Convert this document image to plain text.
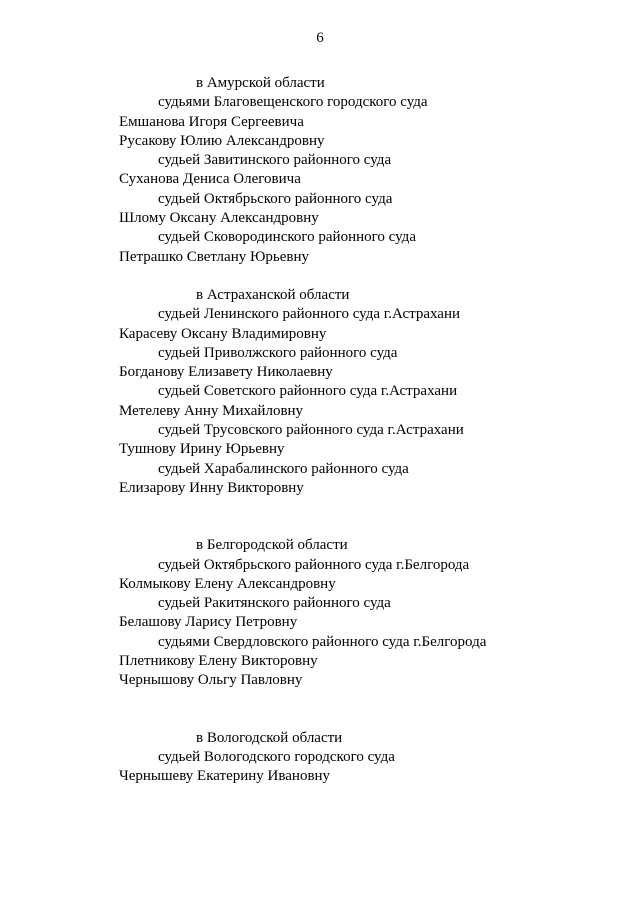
6
в Амурской области
судьями Благовещенского городского суда
Емшанова Игоря Сергеевича
Русакову Юлию Александровну
судьей Завитинского районного суда
Суханова Дениса Олеговича
судьей Октябрьского районного суда
Шлому Оксану Александровну
судьей Сковородинского районного суда
Петрашко Светлану Юрьевну
в Астраханской области
судьей Ленинского районного суда г.Астрахани
Карасеву Оксану Владимировну
судьей Приволжского районного суда
Богданову Елизавету Николаевну
судьей Советского районного суда г.Астрахани
Метелеву Анну Михайловну
судьей Трусовского районного суда г.Астрахани
Тушнову Ирину Юрьевну
судьей Харабалинского районного суда
Елизарову Инну Викторовну
в Белгородской области
судьей Октябрьского районного суда г.Белгорода
Колмыкову Елену Александровну
судьей Ракитянского районного суда
Белашову Ларису Петровну
судьями Свердловского районного суда г.Белгорода
Плетникову Елену Викторовну
Чернышову Ольгу Павловну
в Вологодской области
судьей Вологодского городского суда
Чернышеву Екатерину Ивановну
